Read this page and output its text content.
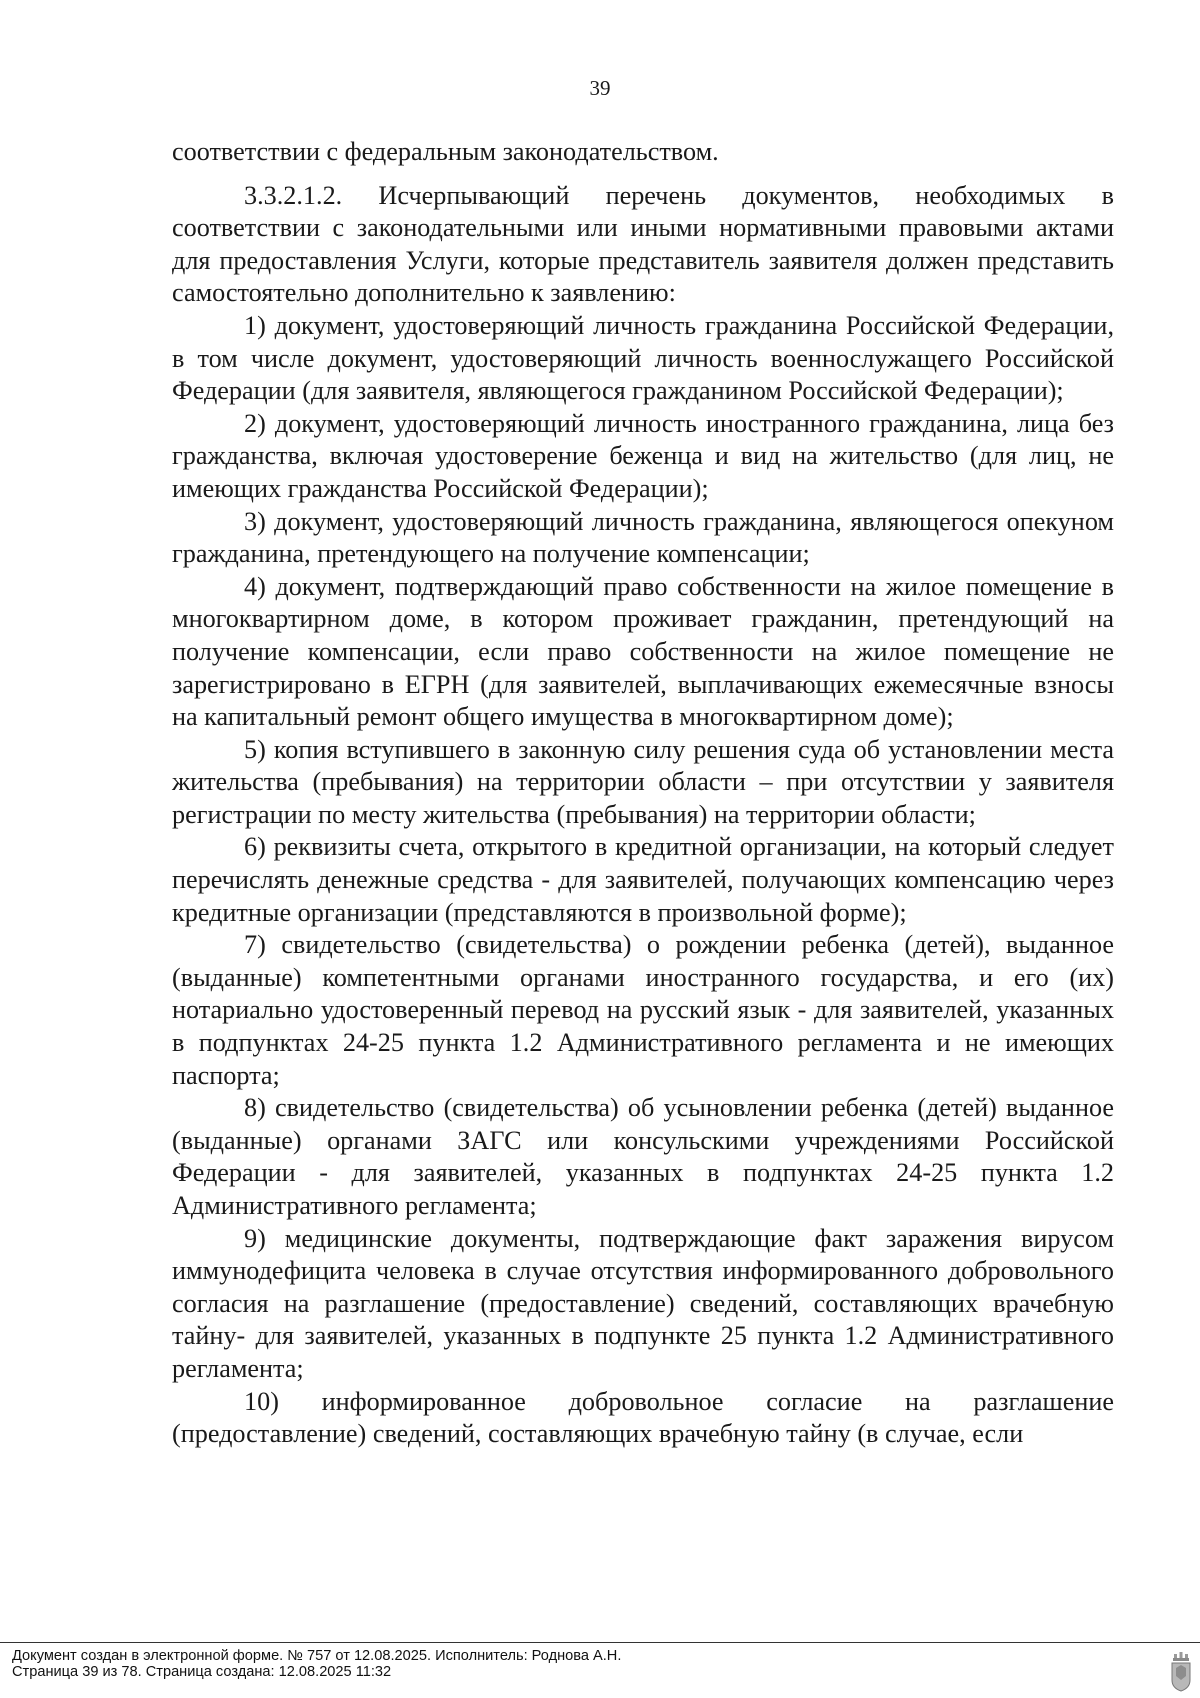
39

соответствии с федеральным законодательством.

3.3.2.1.2. Исчерпывающий перечень документов, необходимых в соответствии с законодательными или иными нормативными правовыми актами для предоставления Услуги, которые представитель заявителя должен представить самостоятельно дополнительно к заявлению:

1) документ, удостоверяющий личность гражданина Российской Федерации, в том числе документ, удостоверяющий личность военнослужащего Российской Федерации (для заявителя, являющегося гражданином Российской Федерации);

2) документ, удостоверяющий личность иностранного гражданина, лица без гражданства, включая удостоверение беженца и вид на жительство (для лиц, не имеющих гражданства Российской Федерации);

3) документ, удостоверяющий личность гражданина, являющегося опекуном гражданина, претендующего на получение компенсации;

4) документ, подтверждающий право собственности на жилое помещение в многоквартирном доме, в котором проживает гражданин, претендующий на получение компенсации, если право собственности на жилое помещение не зарегистрировано в ЕГРН (для заявителей, выплачивающих ежемесячные взносы на капитальный ремонт общего имущества в многоквартирном доме);

5) копия вступившего в законную силу решения суда об установлении места жительства (пребывания) на территории области – при отсутствии у заявителя регистрации по месту жительства (пребывания) на территории области;

6) реквизиты счета, открытого в кредитной организации, на который следует перечислять денежные средства - для заявителей, получающих компенсацию через кредитные организации (представляются в произвольной форме);

7) свидетельство (свидетельства) о рождении ребенка (детей), выданное (выданные) компетентными органами иностранного государства, и его (их) нотариально удостоверенный перевод на русский язык - для заявителей, указанных в подпунктах 24-25 пункта 1.2 Административного регламента и не имеющих паспорта;

8) свидетельство (свидетельства) об усыновлении ребенка (детей) выданное (выданные) органами ЗАГС или консульскими учреждениями Российской Федерации - для заявителей, указанных в подпунктах 24-25 пункта 1.2 Административного регламента;

9) медицинские документы, подтверждающие факт заражения вирусом иммунодефицита человека в случае отсутствия информированного добровольного согласия на разглашение (предоставление) сведений, составляющих врачебную тайну- для заявителей, указанных в подпункте 25 пункта 1.2 Административного регламента;

10) информированное добровольное согласие на разглашение (предоставление) сведений, составляющих врачебную тайну (в случае, если

Документ создан в электронной форме. № 757 от 12.08.2025. Исполнитель: Роднова А.Н.
Страница 39 из 78. Страница создана: 12.08.2025 11:32
